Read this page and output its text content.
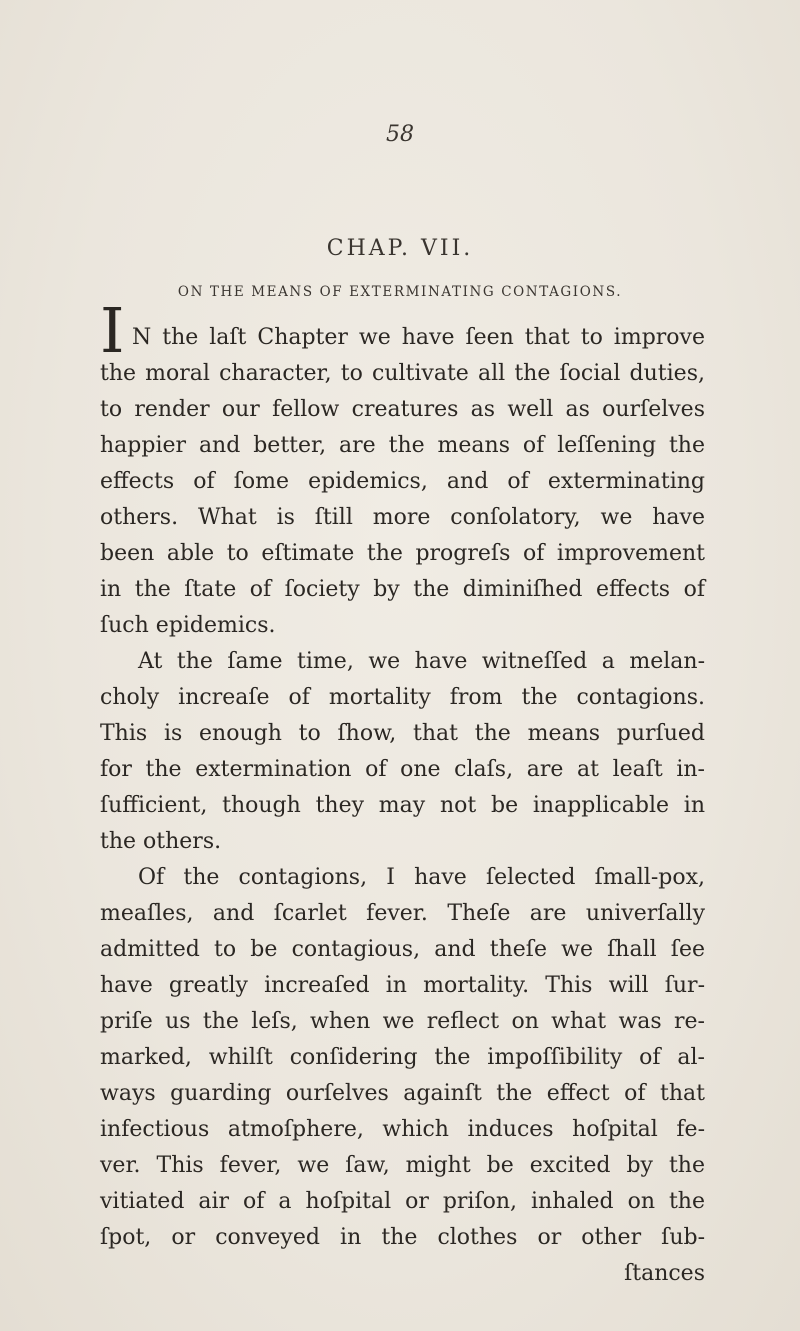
58
CHAP. VII.
ON THE MEANS OF EXTERMINATING CONTAGIONS.
I N the laſt Chapter we have ſeen that to improve
the moral character, to cultivate all the ſocial duties,
to render our fellow creatures as well as ourſelves
happier and better, are the means of leſſening the
effects of ſome epidemics, and of exterminating
others. What is ſtill more conſolatory, we have
been able to eſtimate the progreſs of improvement
in the ſtate of ſociety by the diminiſhed effects of
ſuch epidemics.
At the ſame time, we have witneſſed a melan-
choly increaſe of mortality from the contagions.
This is enough to ſhow, that the means purſued
for the extermination of one claſs, are at leaſt in-
ſufficient, though they may not be inapplicable in
the others.
Of the contagions, I have ſelected ſmall-pox,
meaſles, and ſcarlet fever. Theſe are univerſally
admitted to be contagious, and theſe we ſhall ſee
have greatly increaſed in mortality. This will ſur-
priſe us the leſs, when we reflect on what was re-
marked, whilſt conſidering the impoſſibility of al-
ways guarding ourſelves againſt the effect of that
infectious atmoſphere, which induces hoſpital fe-
ver. This fever, we ſaw, might be excited by the
vitiated air of a hoſpital or priſon, inhaled on the
ſpot, or conveyed in the clothes or other ſub-
ſtances
